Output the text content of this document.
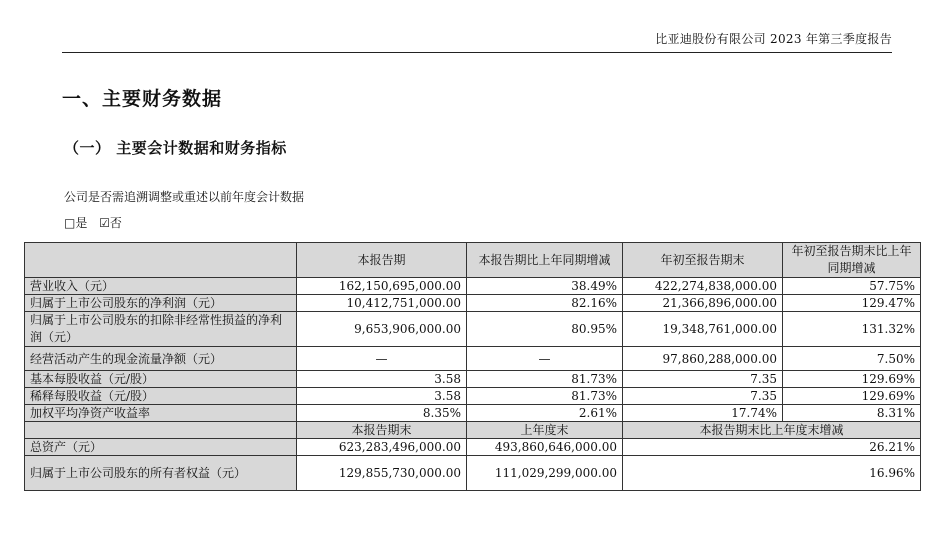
比亚迪股份有限公司 2023 年第三季度报告
一、主要财务数据
（一） 主要会计数据和财务指标
公司是否需追溯调整或重述以前年度会计数据
□是 ☑否
	本报告期	本报告期比上年同期增减	年初至报告期末	年初至报告期末比上年同期增减
营业收入（元）	162,150,695,000.00	38.49%	422,274,838,000.00	57.75%
归属于上市公司股东的净利润（元）	10,412,751,000.00	82.16%	21,366,896,000.00	129.47%
归属于上市公司股东的扣除非经常性损益的净利润（元）	9,653,906,000.00	80.95%	19,348,761,000.00	131.32%
经营活动产生的现金流量净额（元）	—	—	97,860,288,000.00	7.50%
基本每股收益（元/股）	3.58	81.73%	7.35	129.69%
稀释每股收益（元/股）	3.58	81.73%	7.35	129.69%
加权平均净资产收益率	8.35%	2.61%	17.74%	8.31%
	本报告期末	上年度末	本报告期末比上年度末增减	
总资产（元）	623,283,496,000.00	493,860,646,000.00	26.21%	
归属于上市公司股东的所有者权益（元）	129,855,730,000.00	111,029,299,000.00	16.96%	
